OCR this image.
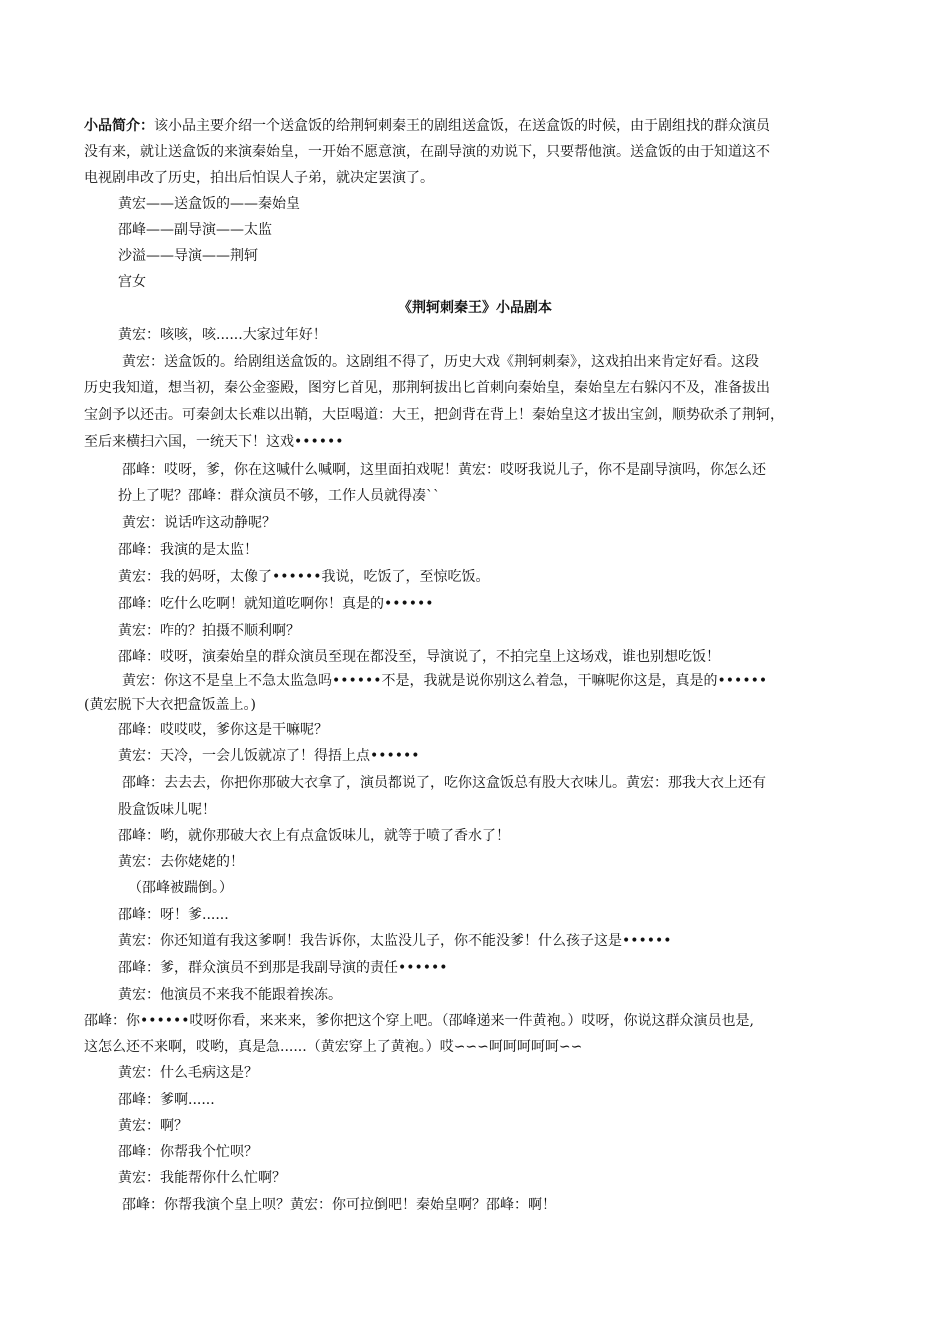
小品简介：该小品主要介绍一个送盒饭的给荆轲刺秦王的剧组送盒饭，在送盒饭的时候，由于剧组找的群众演员
没有来，就让送盒饭的来演秦始皇，一开始不愿意演，在副导演的劝说下，只要帮他演。送盒饭的由于知道这不
电视剧串改了历史，拍出后怕误人子弟，就决定罢演了。
黄宏——送盒饭的——秦始皇
邵峰——副导演——太监
沙溢——导演——荆轲
宫女
《荆轲刺秦王》小品剧本
黄宏：咳咳，咳......大家过年好！
黄宏：送盒饭的。给剧组送盒饭的。这剧组不得了，历史大戏《荆轲刺秦》，这戏拍出来肯定好看。这段
历史我知道，想当初，秦公金銮殿，图穷匕首见，那荆轲拔出匕首刺向秦始皇，秦始皇左右躲闪不及，准备拔出
宝剑予以还击。可秦剑太长难以出鞘，大臣喝道：大王，把剑背在背上！秦始皇这才拔出宝剑，顺势砍杀了荆轲，
至后来横扫六国，一统天下！这戏••••••
邵峰：哎呀，爹，你在这喊什么喊啊，这里面拍戏呢！黄宏：哎呀我说儿子，你不是副导演吗，你怎么还
扮上了呢？邵峰：群众演员不够，工作人员就得凑``
黄宏：说话咋这动静呢？
邵峰：我演的是太监！
黄宏：我的妈呀，太像了••••••我说，吃饭了，至惊吃饭。
邵峰：吃什么吃啊！就知道吃啊你！真是的••••••
黄宏：咋的？拍摄不顺利啊？
邵峰：哎呀，演秦始皇的群众演员至现在都没至，导演说了，不拍完皇上这场戏，谁也别想吃饭！
黄宏：你这不是皇上不急太监急吗••••••不是，我就是说你别这么着急，干嘛呢你这是，真是的••••••
(黄宏脱下大衣把盒饭盖上。)
邵峰：哎哎哎，爹你这是干嘛呢？
黄宏：天冷，一会儿饭就凉了！得捂上点••••••
邵峰：去去去，你把你那破大衣拿了，演员都说了，吃你这盒饭总有股大衣味儿。黄宏：那我大衣上还有
股盒饭味儿呢！
邵峰：哟，就你那破大衣上有点盒饭味儿，就等于喷了香水了！
黄宏：去你姥姥的！
（邵峰被踹倒。）
邵峰：呀！爹......
黄宏：你还知道有我这爹啊！我告诉你，太监没儿子，你不能没爹！什么孩子这是••••••
邵峰：爹，群众演员不到那是我副导演的责任••••••
黄宏：他演员不来我不能跟着挨冻。
邵峰：你••••••哎呀你看，来来来，爹你把这个穿上吧。（邵峰递来一件黄袍。）哎呀，你说这群众演员也是,
这怎么还不来啊，哎哟，真是急......（黄宏穿上了黄袍。）哎∽∽∽呵呵呵呵呵∽∽
黄宏：什么毛病这是？
邵峰：爹啊......
黄宏：啊？
邵峰：你帮我个忙呗？
黄宏：我能帮你什么忙啊？
邵峰：你帮我演个皇上呗？黄宏：你可拉倒吧！秦始皇啊？邵峰：啊！
